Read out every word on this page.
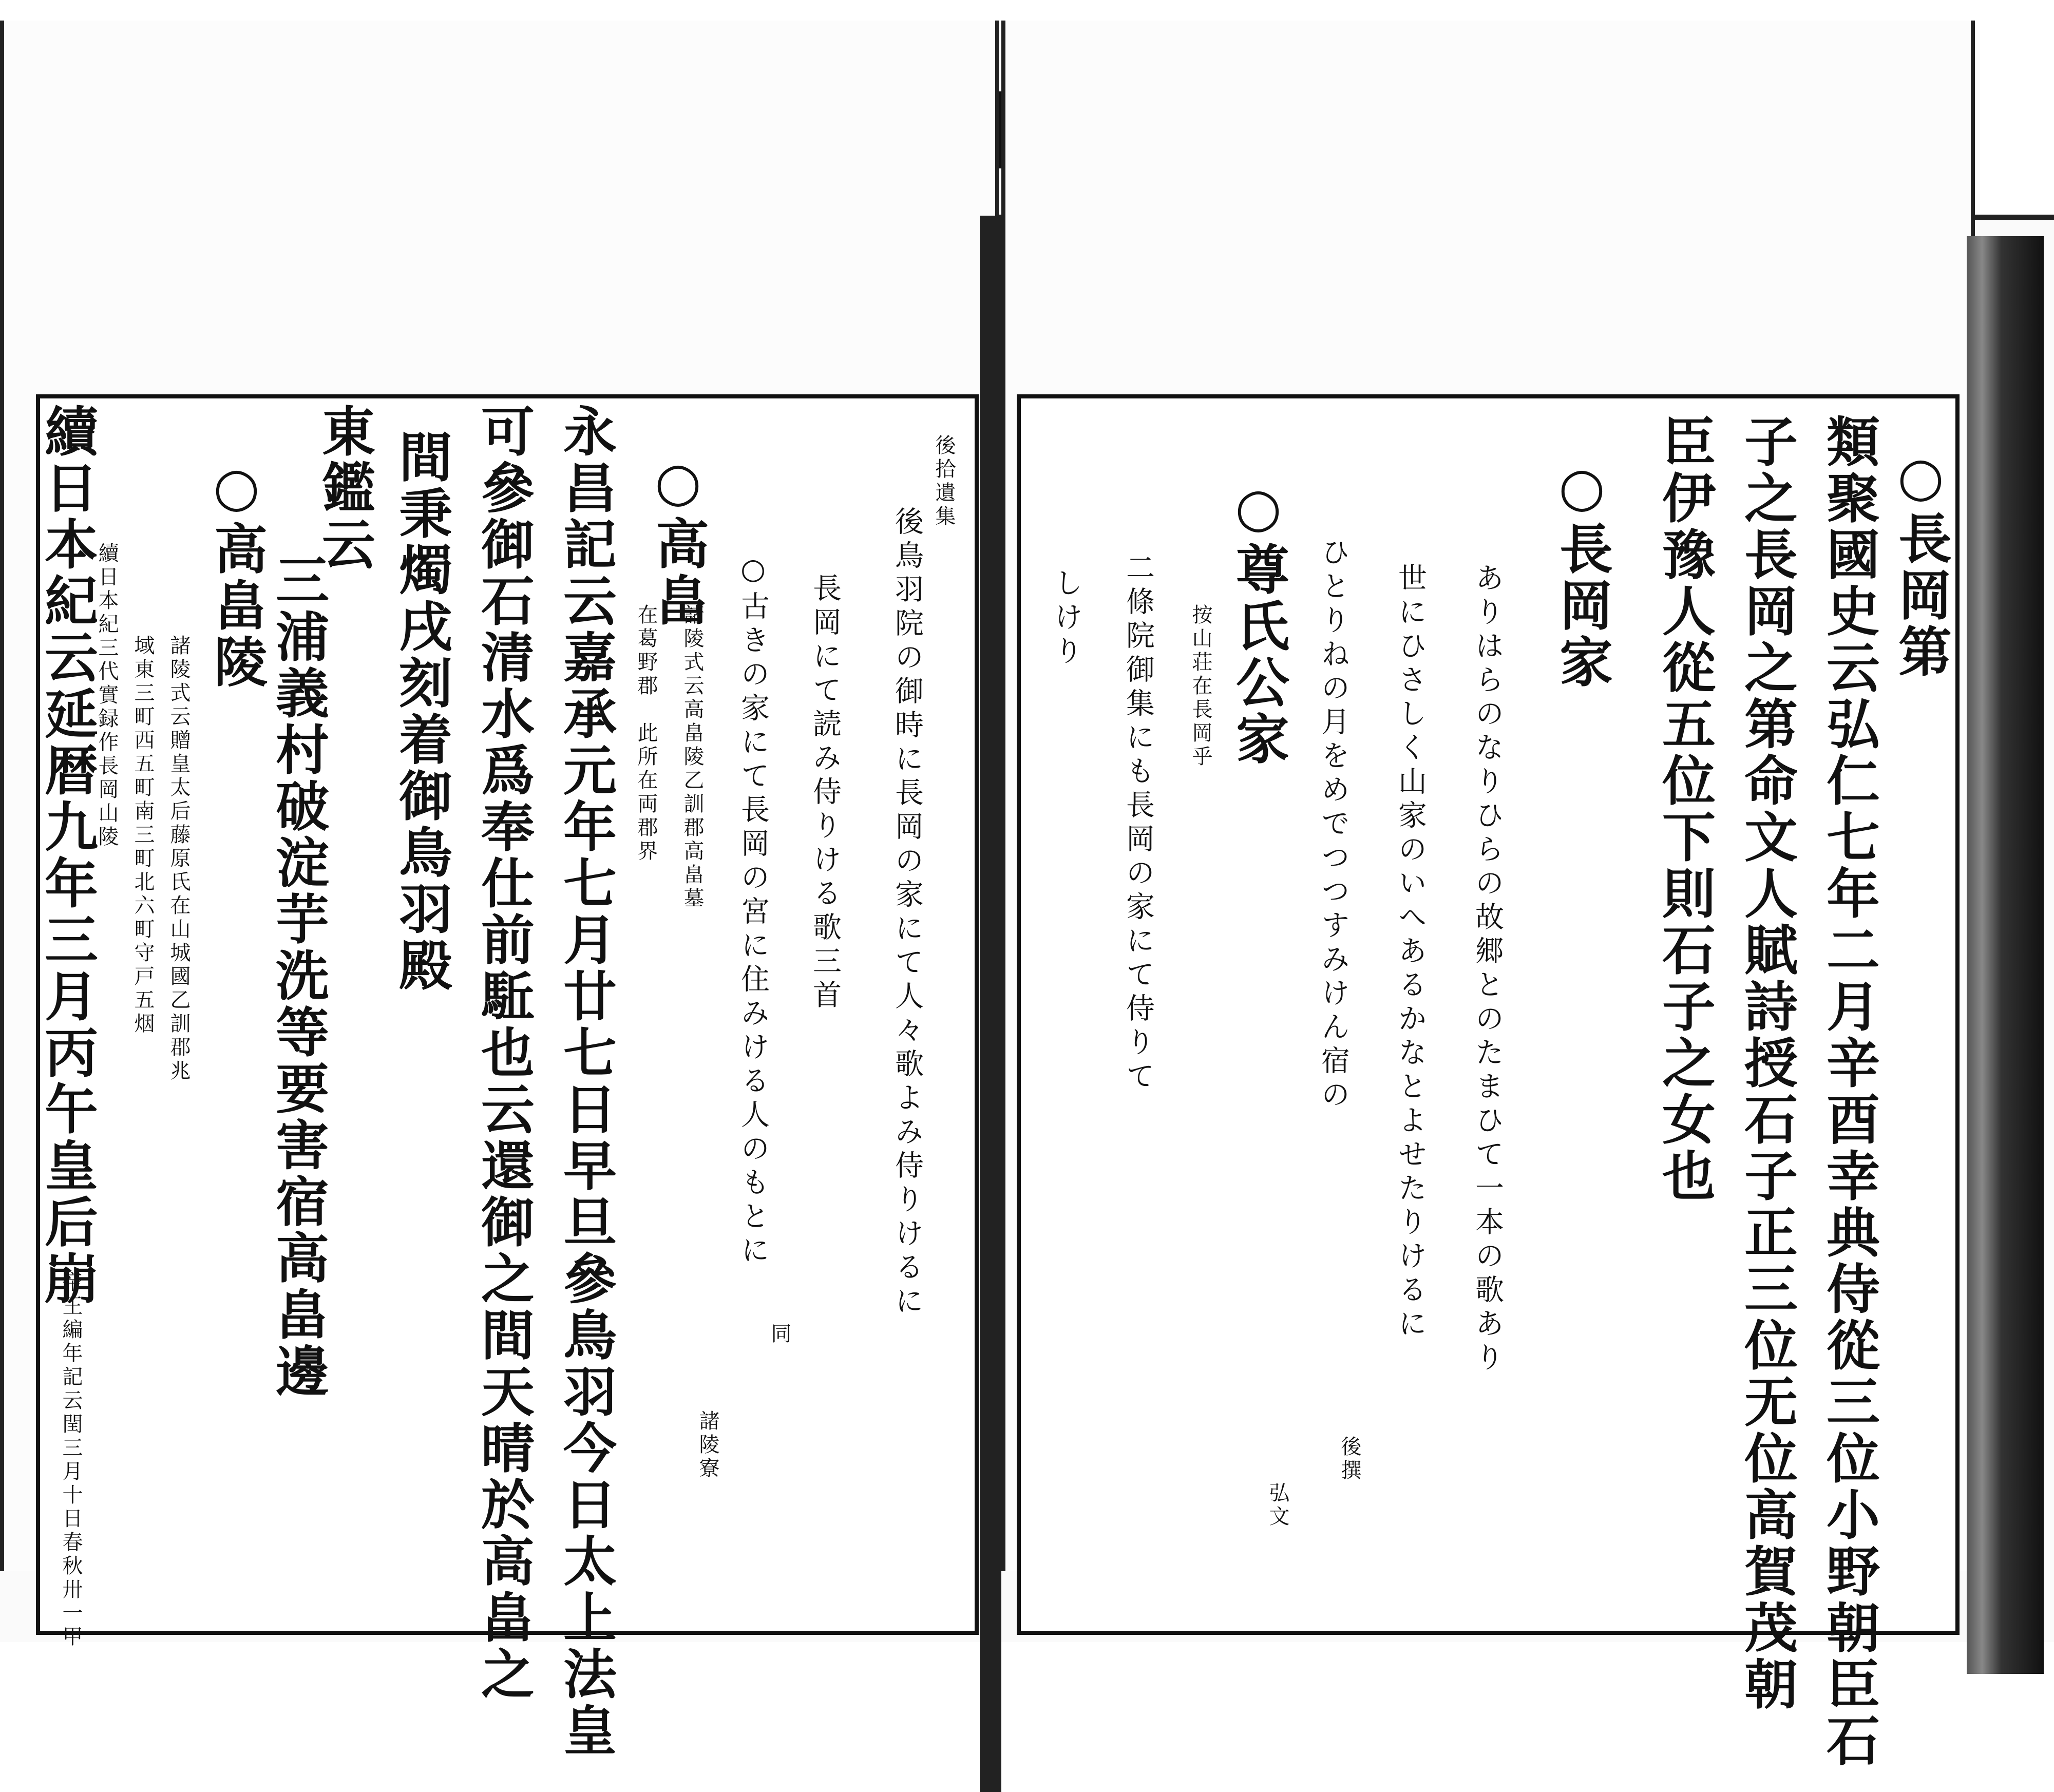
○長岡第
類聚國史云弘仁七年二月辛酉幸典侍從三位小野朝臣石
子之長岡之第命文人賦詩授石子正三位无位高賀茂朝
臣伊豫人從五位下則石子之女也
○長岡家
ありはらのなりひらの故郷とのたまひて一本の歌あり
世にひさしく山家のいへあるかなとよせたりけるに
ひとりねの月をめでつつすみけん宿の
○尊氏公家
按山荘在長岡乎
二條院御集にも長岡の家にて侍りて
しけり
後撰
弘文
後拾遺集
後鳥羽院の御時に長岡の家にて人々歌よみ侍りけるに
長岡にて読み侍りける歌三首
○古きの家にて長岡の宮に住みける人のもとに
○高畠
諸陵式云高畠陵乙訓郡高畠墓
在葛野郡　此所在両郡界
永昌記云嘉承元年七月廿七日早旦參鳥羽今日太上法皇
可參御石清水爲奉仕前駈也云還御之間天晴於高畠之
間秉燭戌刻着御鳥羽殿
東鑑云
三浦義村破淀芋洗等要害宿高畠邊
○高畠陵
諸陵式云贈皇太后藤原氏在山城國乙訓郡兆
域東三町西五町南三町北六町守戸五烟
續日本紀三代實録作長岡山陵
續日本紀云延暦九年三月丙午皇后崩
帝王編年記云閏三月十日春秋卅一甲	同
諸陵寮
